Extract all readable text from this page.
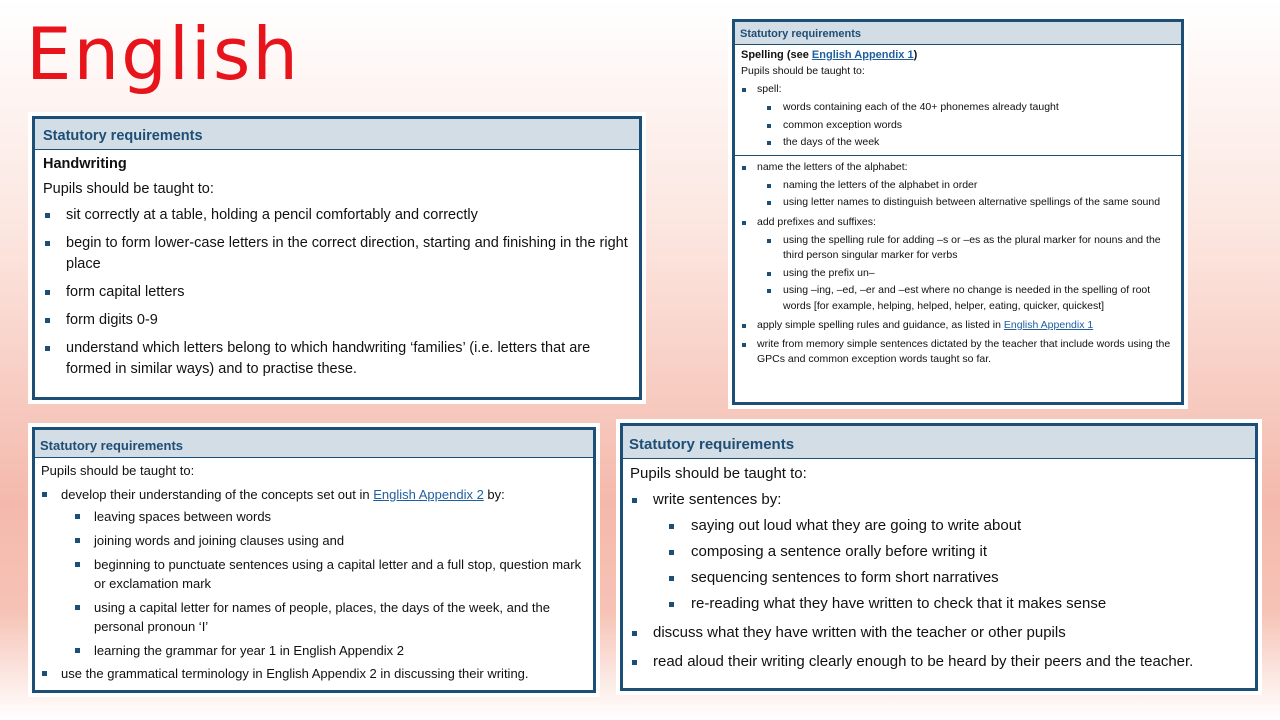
English
Statutory requirements
Handwriting
Pupils should be taught to:
sit correctly at a table, holding a pencil comfortably and correctly
begin to form lower-case letters in the correct direction, starting and finishing in the right place
form capital letters
form digits 0-9
understand which letters belong to which handwriting ‘families’ (i.e. letters that are formed in similar ways) and to practise these.
Statutory requirements
Spelling (see English Appendix 1)
Pupils should be taught to:
spell:
words containing each of the 40+ phonemes already taught
common exception words
the days of the week
name the letters of the alphabet:
naming the letters of the alphabet in order
using letter names to distinguish between alternative spellings of the same sound
add prefixes and suffixes:
using the spelling rule for adding –s or –es as the plural marker for nouns and the third person singular marker for verbs
using the prefix un–
using –ing, –ed, –er and –est where no change is needed in the spelling of root words [for example, helping, helped, helper, eating, quicker, quickest]
apply simple spelling rules and guidance, as listed in English Appendix 1
write from memory simple sentences dictated by the teacher that include words using the GPCs and common exception words taught so far.
Statutory requirements
Pupils should be taught to:
develop their understanding of the concepts set out in English Appendix 2 by:
leaving spaces between words
joining words and joining clauses using and
beginning to punctuate sentences using a capital letter and a full stop, question mark or exclamation mark
using a capital letter for names of people, places, the days of the week, and the personal pronoun ‘I’
learning the grammar for year 1 in English Appendix 2
use the grammatical terminology in English Appendix 2 in discussing their writing.
Statutory requirements
Pupils should be taught to:
write sentences by:
saying out loud what they are going to write about
composing a sentence orally before writing it
sequencing sentences to form short narratives
re-reading what they have written to check that it makes sense
discuss what they have written with the teacher or other pupils
read aloud their writing clearly enough to be heard by their peers and the teacher.
